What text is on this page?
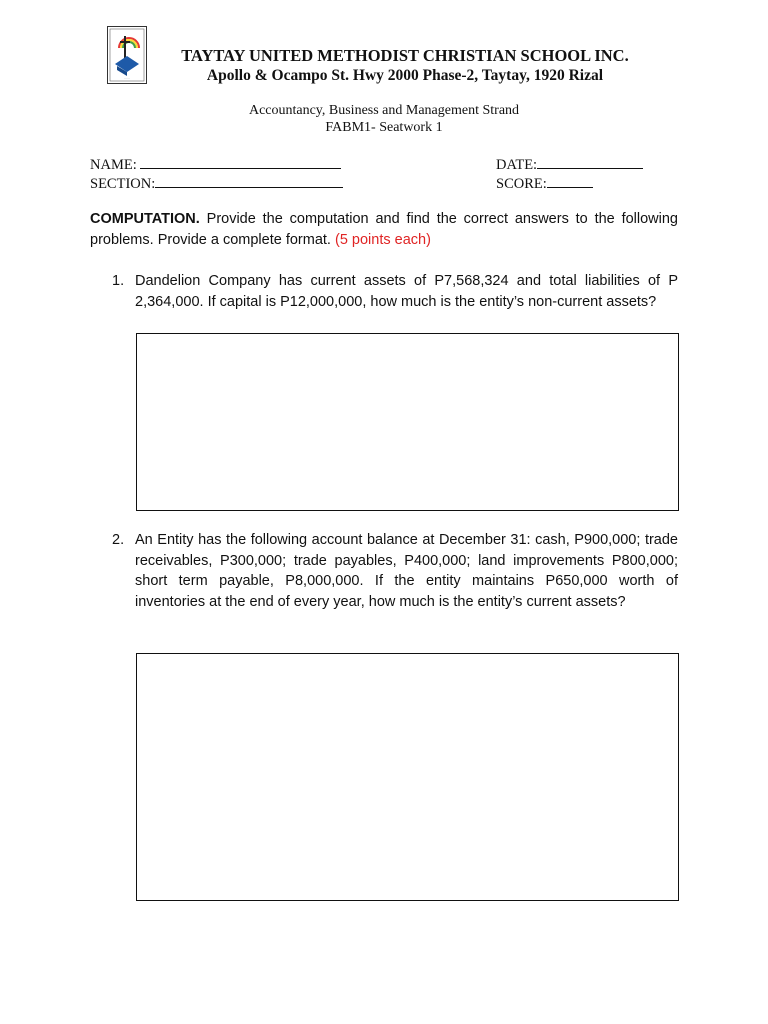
······
TAYTAY UNITED METHODIST CHRISTIAN SCHOOL INC.
Apollo & Ocampo St. Hwy 2000 Phase-2, Taytay, 1920 Rizal
Accountancy, Business and Management Strand
FABM1- Seatwork 1
NAME:
SECTION:
DATE:
SCORE:
COMPUTATION. Provide the computation and find the correct answers to the following problems. Provide a complete format. (5 points each)
1. Dandelion Company has current assets of P7,568,324 and total liabilities of P 2,364,000. If capital is P12,000,000, how much is the entity’s non-current assets?
2. An Entity has the following account balance at December 31: cash, P900,000; trade receivables, P300,000; trade payables, P400,000; land improvements P800,000; short term payable, P8,000,000. If the entity maintains P650,000 worth of inventories at the end of every year, how much is the entity’s current assets?
